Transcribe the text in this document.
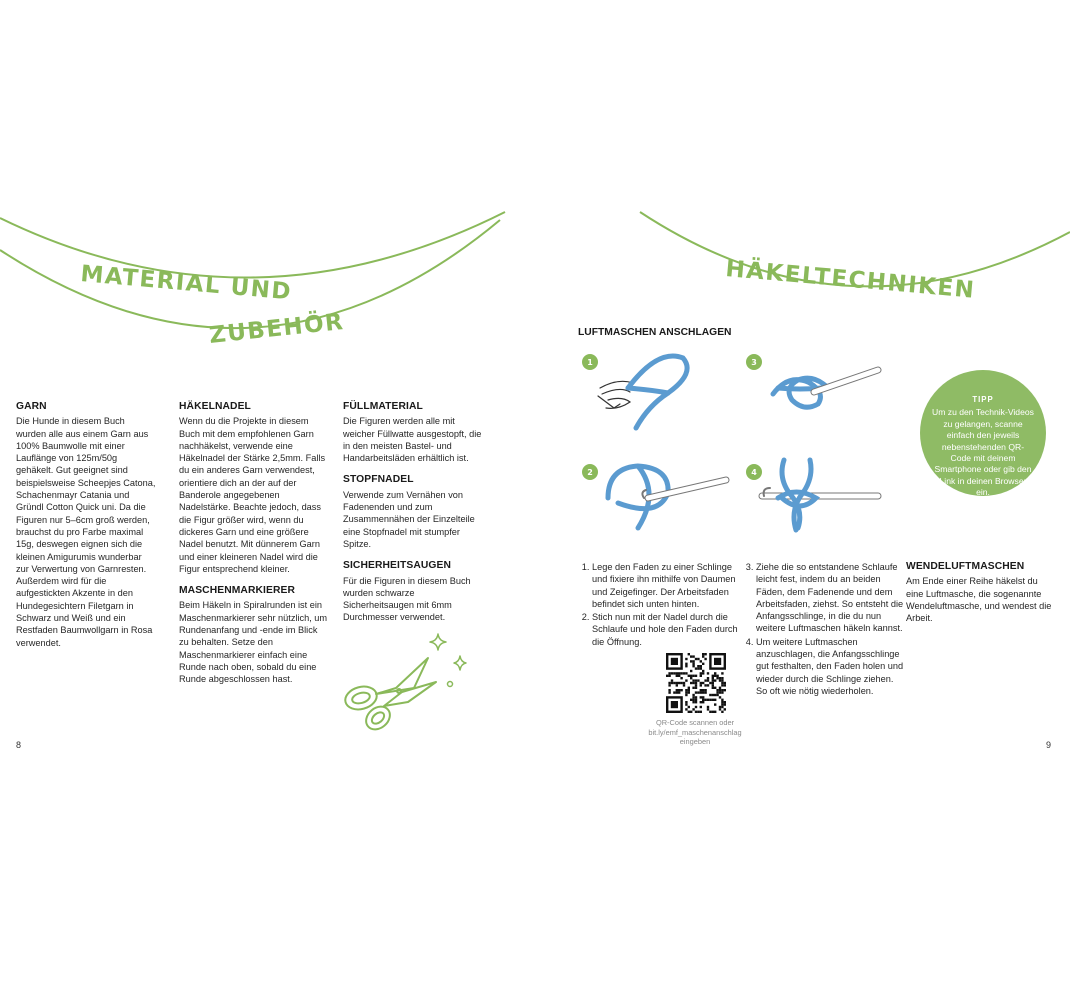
MATERIAL UND
ZUBEHÖR
HÄKELTECHNIKEN
GARN

Die Hunde in diesem Buch wurden alle aus einem Garn aus 100% Baumwolle mit einer Lauflänge von 125m/50g gehäkelt. Gut geeignet sind beispielsweise Scheepjes Catona, Schachenmayr Catania und Gründl Cotton Quick uni. Da die Figuren nur 5–6cm groß werden, brauchst du pro Farbe maximal 15g, deswegen eignen sich die kleinen Amigurumis wunderbar zur Verwertung von Garnresten. Außerdem wird für die aufgestickten Akzente in den Hundegesichtern Filetgarn in Schwarz und Weiß und ein Restfaden Baumwollgarn in Rosa verwendet.

HÄKELNADEL

Wenn du die Projekte in diesem Buch mit dem empfohlenen Garn nachhäkelst, verwende eine Häkelnadel der Stärke 2,5mm. Falls du ein anderes Garn verwendest, orientiere dich an der auf der Banderole angegebenen Nadelstärke. Beachte jedoch, dass die Figur größer wird, wenn du dickeres Garn und eine größere Nadel benutzt. Mit dünnerem Garn und einer kleineren Nadel wird die Figur entsprechend kleiner.

MASCHENMARKIERER

Beim Häkeln in Spiralrunden ist ein Maschenmarkierer sehr nützlich, um Rundenanfang und -ende im Blick zu behalten. Setze den Maschenmarkierer einfach eine Runde nach oben, sobald du eine Runde abgeschlossen hast.

FÜLLMATERIAL

Die Figuren werden alle mit weicher Füllwatte ausgestopft, die in den meisten Bastel- und Handarbeitsläden erhältlich ist.

STOPFNADEL

Verwende zum Vernähen von Fadenenden und zum Zusammennähen der Einzelteile eine Stopfnadel mit stumpfer Spitze.

SICHERHEITSAUGEN

Für die Figuren in diesem Buch wurden schwarze Sicherheitsaugen mit 6mm Durchmesser verwendet.

8
LUFTMASCHEN ANSCHLAGEN
1
2
3
4
TIPP
Um zu den Technik-Videos zu gelangen, scanne einfach den jeweils nebenstehenden QR-Code mit deinem Smartphone oder gib den Link in deinen Browser ein.
1. Lege den Faden zu einer Schlinge und fixiere ihn mithilfe von Daumen und Zeigefinger. Der Arbeitsfaden befindet sich unten hinten.
2. Stich nun mit der Nadel durch die Schlaufe und hole den Faden durch die Öffnung.
3. Ziehe die so entstandene Schlaufe leicht fest, indem du an beiden Fäden, dem Fadenende und dem Arbeitsfaden, ziehst. So entsteht die Anfangsschlinge, in die du nun weitere Luftmaschen häkeln kannst.
4. Um weitere Luftmaschen anzuschlagen, die Anfangsschlinge gut festhalten, den Faden holen und wieder durch die Schlinge ziehen. So oft wie nötig wiederholen.
WENDELUFTMASCHEN

Am Ende einer Reihe häkelst du eine Luftmasche, die sogenannte Wendeluftmasche, und wendest die Arbeit.

QR-Code scannen oder bit.ly/emf_maschenanschlag eingeben	9
